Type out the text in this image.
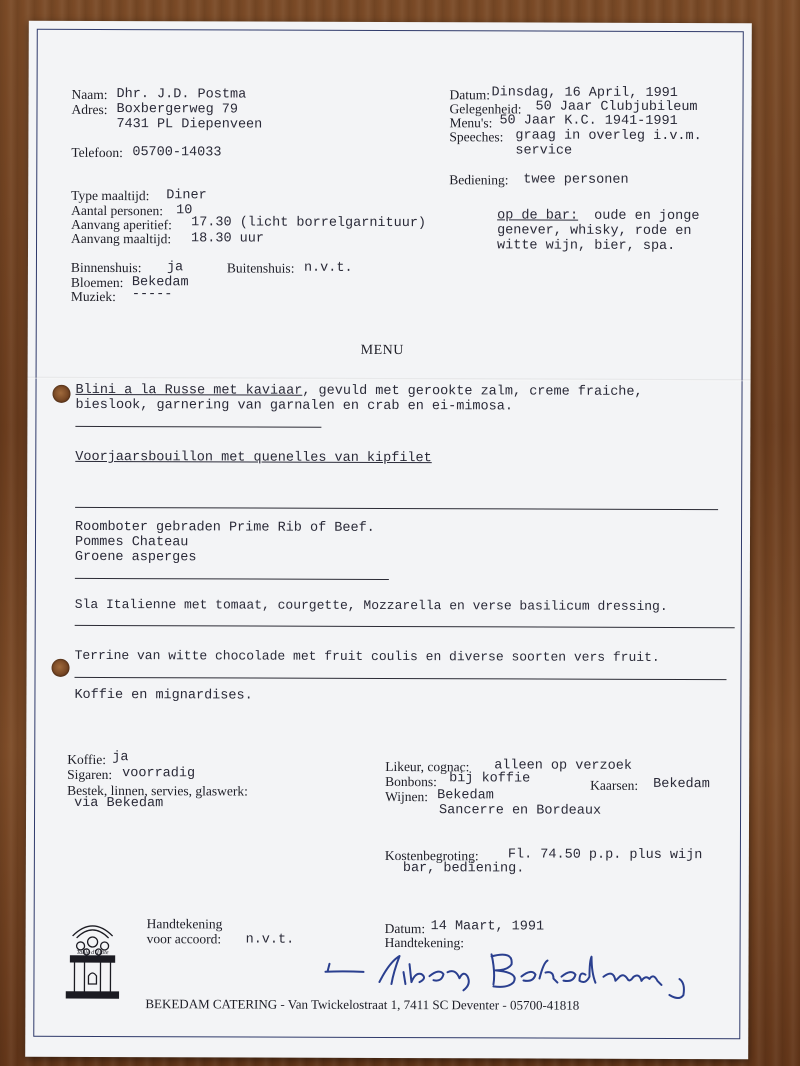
Naam: Dhr. J.D. Postma
Adres: Boxbergerweg 79
7431 PL Diepenveen
Telefoon: 05700-14033
Datum: Dinsdag, 16 April, 1991
Gelegenheid: 50 Jaar Clubjubileum
Menu's: 50 Jaar K.C. 1941-1991
Speeches: graag in overleg i.v.m.
service
Bediening: twee personen
op de bar: oude en jonge
genever, whisky, rode en
witte wijn, bier, spa.
Type maaltijd: Diner
Aantal personen: 10
Aanvang aperitief: 17.30 (licht borrelgarnituur)
Aanvang maaltijd: 18.30 uur
Binnenshuis: ja	Buitenshuis: n.v.t.
Bloemen: Bekedam
Muziek: -----
MENU
Blini a la Russe met kaviaar, gevuld met gerookte zalm, creme fraiche,
bieslook, garnering van garnalen en crab en ei-mimosa.
Voorjaarsbouillon met quenelles van kipfilet
Roomboter gebraden Prime Rib of Beef.
Pommes Chateau
Groene asperges
Sla Italienne met tomaat, courgette, Mozzarella en verse basilicum dressing.
Terrine van witte chocolade met fruit coulis en diverse soorten vers fruit.
Koffie en mignardises.
Koffie: ja
Sigaren: voorradig
Bestek, linnen, servies, glaswerk:
via Bekedam
Handtekening
voor accoord: n.v.t.
Likeur, cognac: alleen op verzoek
Bonbons: bij koffie	Kaarsen: Bekedam
Wijnen: Bekedam
Sancerre en Bordeaux
Kostenbegroting: Fl. 74.50 p.p. plus wijn
bar, bediening.
Datum: 14 Maart, 1991
Handtekening:
Table d' Hôte
BEKEDAM CATERING - Van Twickelostraat 1, 7411 SC Deventer - 05700-41818
